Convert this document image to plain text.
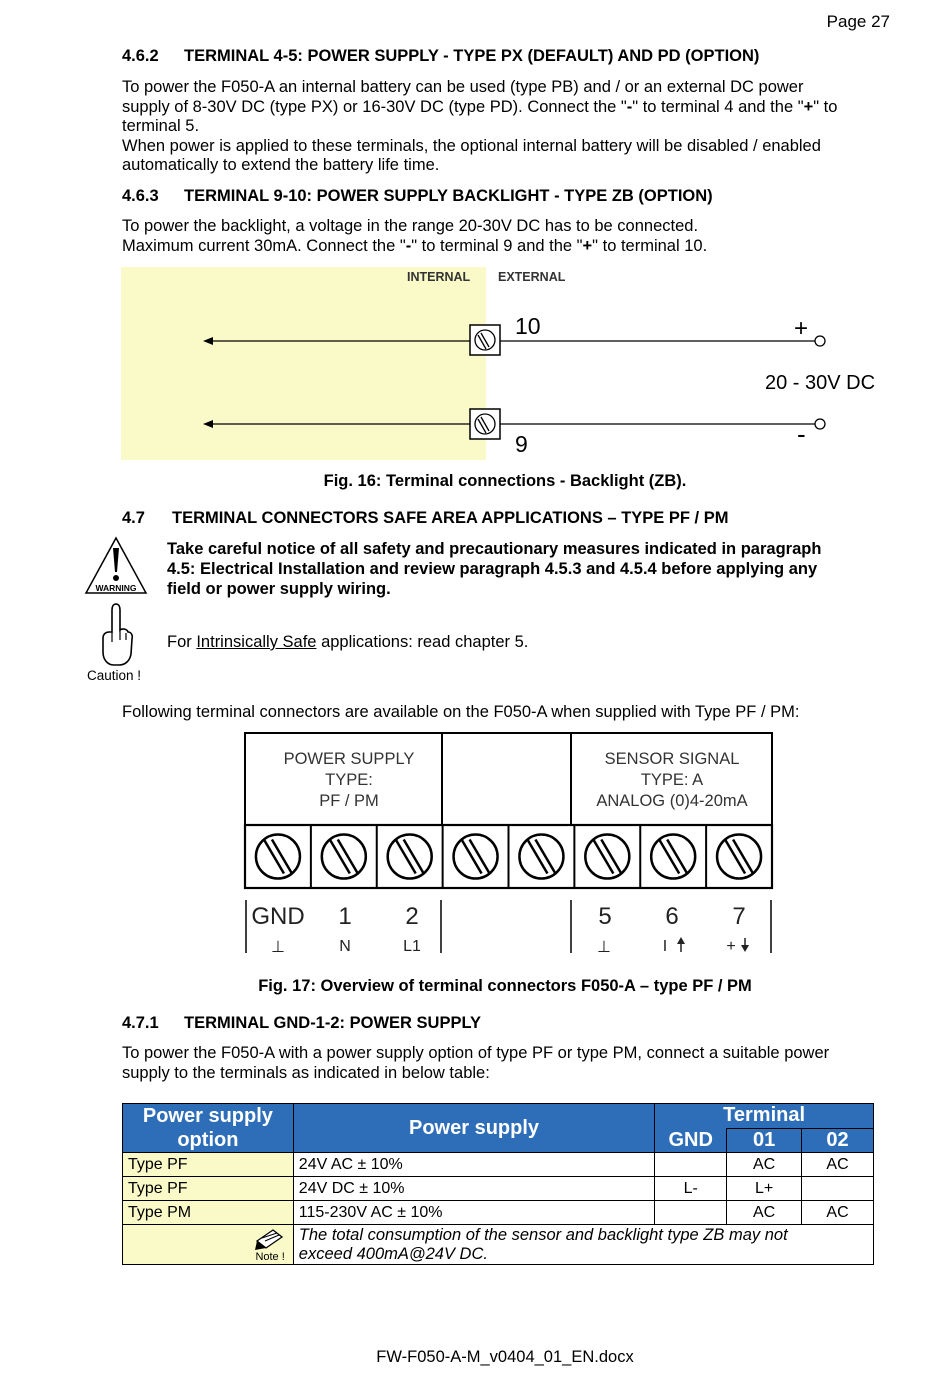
Page 27
4.6.2 TERMINAL 4-5: POWER SUPPLY - TYPE PX (DEFAULT) AND PD (OPTION)
To power the F050-A an internal battery can be used (type PB) and / or an external DC power
supply of 8-30V DC (type PX) or 16-30V DC (type PD). Connect the "-" to terminal 4 and the "+" to
terminal 5.
When power is applied to these terminals, the optional internal battery will be disabled / enabled
automatically to extend the battery life time.
4.6.3 TERMINAL 9-10: POWER SUPPLY BACKLIGHT - TYPE ZB (OPTION)
To power the backlight, a voltage in the range 20-30V DC has to be connected.
Maximum current 30mA. Connect the "-" to terminal 9 and the "+" to terminal 10.
INTERNAL EXTERNAL
10	+
20 - 30V DC
9	-
Fig. 16: Terminal connections - Backlight (ZB).
4.7 TERMINAL CONNECTORS SAFE AREA APPLICATIONS – TYPE PF / PM
WARNING
Take careful notice of all safety and precautionary measures indicated in paragraph
4.5: Electrical Installation and review paragraph 4.5.3 and 4.5.4 before applying any
field or power supply wiring.
For Intrinsically Safe applications: read chapter 5.
Caution !
Following terminal connectors are available on the F050-A when supplied with Type PF / PM:
POWER SUPPLY
TYPE:
PF / PM
SENSOR SIGNAL
TYPE: A
ANALOG (0)4-20mA
GND 1 2	5 6 7
⊥	N	L1	⊥	I	+
Fig. 17: Overview of terminal connectors F050-A – type PF / PM
4.7.1 TERMINAL GND-1-2: POWER SUPPLY
To power the F050-A with a power supply option of type PF or type PM, connect a suitable power
supply to the terminals as indicated in below table:
Power supply option	Power supply	Terminal		
		GND	01	02
Type PF	24V AC ± 10%		AC	AC
Type PF	24V DC ± 10%	L-	L+	
Type PM	115-230V AC ± 10%		AC	AC

Note !	The total consumption of the sensor and backlight type ZB may not
exceed 400mA@24V DC.			
FW-F050-A-M_v0404_01_EN.docx
